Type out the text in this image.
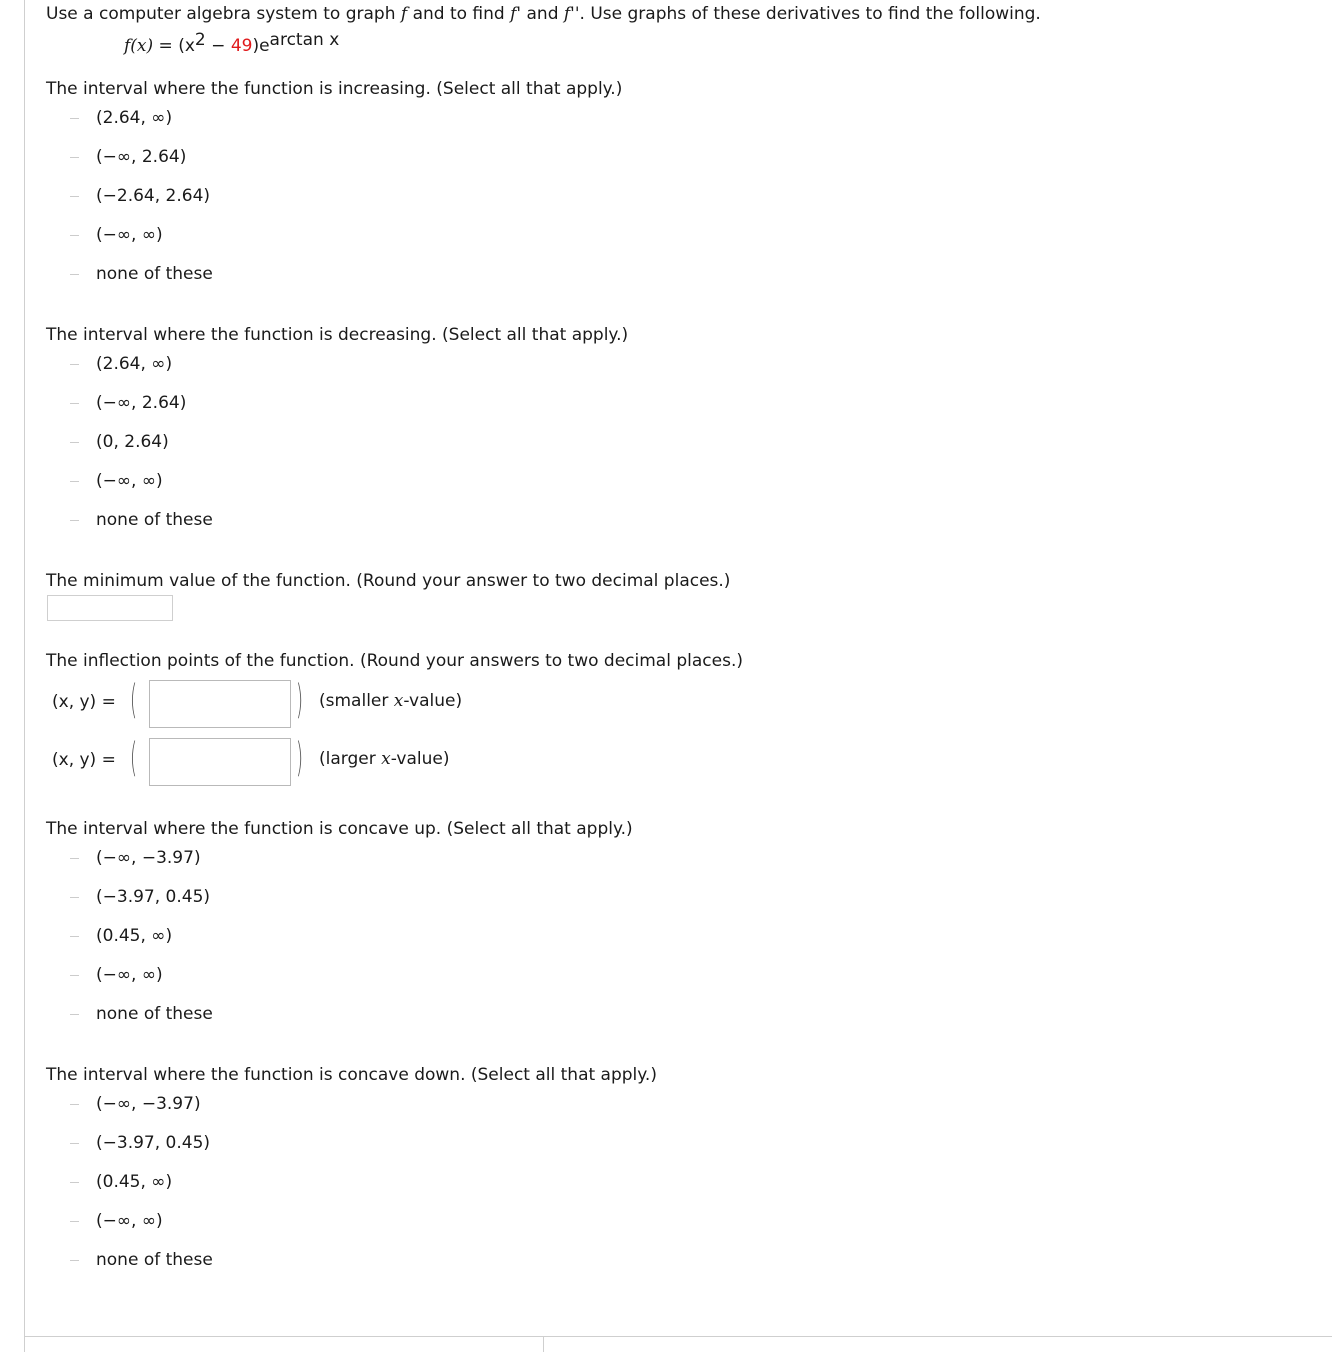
Use a computer algebra system to graph f and to find f' and f''. Use graphs of these derivatives to find the following.
$f(x) = (x^2 - 49)e^{arctan x}$
The interval where the function is increasing. (Select all that apply.)
(2.64, ∞)
(−∞, 2.64)
(−2.64, 2.64)
(−∞, ∞)
none of these
The interval where the function is decreasing. (Select all that apply.)
(2.64, ∞)
(−∞, 2.64)
(0, 2.64)
(−∞, ∞)
none of these
The minimum value of the function. (Round your answer to two decimal places.)
The inflection points of the function. (Round your answers to two decimal places.)
(x, y) = (	) (smaller x-value)
(x, y) = (	) (larger x-value)
The interval where the function is concave up. (Select all that apply.)
(−∞, −3.97)
(−3.97, 0.45)
(0.45, ∞)
(−∞, ∞)
none of these
The interval where the function is concave down. (Select all that apply.)
(−∞, −3.97)
(−3.97, 0.45)
(0.45, ∞)
(−∞, ∞)
none of these
